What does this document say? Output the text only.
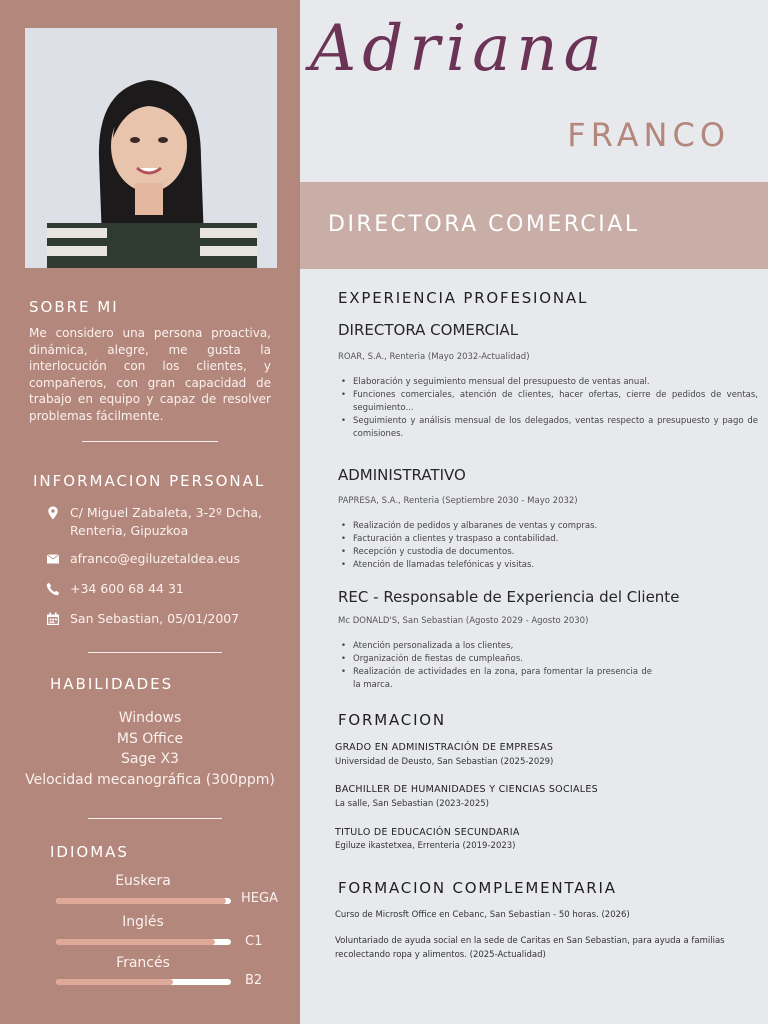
SOBRE MI
Me considero una persona proactiva, dinámica, alegre, me gusta la interlocución con los clientes, y compañeros, con gran capacidad de trabajo en equipo y capaz de resolver problemas fácilmente.
INFORMACION PERSONAL
C/ Miguel Zabaleta, 3-2º Dcha,
Renteria, Gipuzkoa
afranco@egiluzetaldea.eus
+34 600 68 44 31
San Sebastian, 05/01/2007
HABILIDADES
Windows
MS Office
Sage X3
Velocidad mecanográfica (300ppm)
IDIOMAS
Euskera
HEGA
Inglés
C1
Francés
B2
Adriana
FRANCO
DIRECTORA COMERCIAL
EXPERIENCIA PROFESIONAL
DIRECTORA COMERCIAL
ROAR, S.A., Renteria (Mayo 2032-Actualidad)
• Elaboración y seguimiento mensual del presupuesto de ventas anual.
• Funciones comerciales, atención de clientes, hacer ofertas, cierre de pedidos de ventas, seguimiento...
• Seguimiento y análisis mensual de los delegados, ventas respecto a presupuesto y pago de comisiones.
ADMINISTRATIVO
PAPRESA, S.A., Renteria (Septiembre 2030 - Mayo 2032)
• Realización de pedidos y albaranes de ventas y compras.
• Facturación a clientes y traspaso a contabilidad.
• Recepción y custodia de documentos.
• Atención de llamadas telefónicas y visitas.
REC - Responsable de Experiencia del Cliente
Mc DONALD'S, San Sebastian (Agosto 2029 - Agosto 2030)
• Atención personalizada a los clientes,
• Organización de fiestas de cumpleaños.
• Realización de actividades en la zona, para fomentar la presencia de la marca.
FORMACION
GRADO EN ADMINISTRACIÓN DE EMPRESAS
Universidad de Deusto, San Sebastian (2025-2029)
BACHILLER DE HUMANIDADES Y CIENCIAS SOCIALES
La salle, San Sebastian (2023-2025)
TITULO DE EDUCACIÓN SECUNDARIA
Egiluze ikastetxea, Errenteria (2019-2023)
FORMACION COMPLEMENTARIA
Curso de Microsft Office en Cebanc, San Sebastian - 50 horas. (2026)
Voluntariado de ayuda social en la sede de Caritas en San Sebastian, para ayuda a familias recolectando ropa y alimentos. (2025-Actualidad)
